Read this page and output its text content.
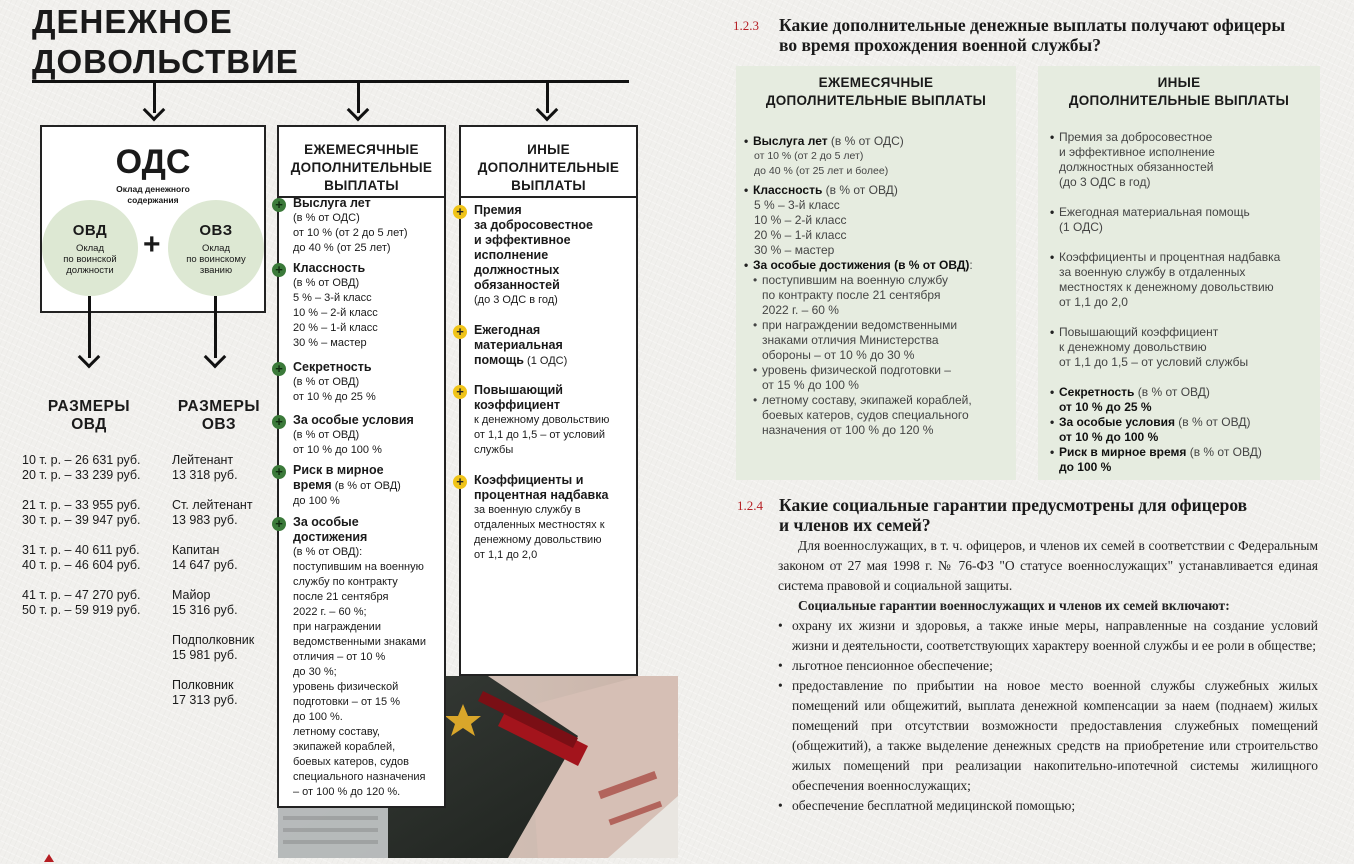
ДЕНЕЖНОЕ
ДОВОЛЬСТВИЕ
ОДС
Оклад денежного
содержания
ОВД
Оклад
по воинской
должности
+	ОВЗ
Оклад
по воинскому
званию
РАЗМЕРЫ
ОВД
10 т. р. – 26 631 руб.
20 т. р. – 33 239 руб.
21 т. р. – 33 955 руб.
30 т. р. – 39 947 руб.
31 т. р. – 40 611 руб.
40 т. р. – 46 604 руб.
41 т. р. – 47 270 руб.
50 т. р. – 59 919 руб.
РАЗМЕРЫ
ОВЗ
Лейтенант
13 318 руб.
Ст. лейтенант
13 983 руб.
Капитан
14 647 руб.
Майор
15 316 руб.
Подполковник
15 981 руб.
Полковник
17 313 руб.
ЕЖЕМЕСЯЧНЫЕ
ДОПОЛНИТЕЛЬНЫЕ
ВЫПЛАТЫ
+ Выслуга лет
(в % от ОДС)
от 10 % (от 2 до 5 лет)
до 40 % (от 25 лет)
+ Классность
(в % от ОВД)
5 % – 3-й класс
10 % – 2-й класс
20 % – 1-й класс
30 % – мастер
+ Секретность
(в % от ОВД)
от 10 % до 25 %
+ За особые условия
(в % от ОВД)
от 10 % до 100 %
+ Риск в мирное
время (в % от ОВД)
до 100 %
+ За особые
достижения
(в % от ОВД):
поступившим на военную
службу по контракту
после 21 сентября
2022 г. – 60 %;
при награждении
ведомственными знаками
отличия – от 10 %
до 30 %;
уровень физической
подготовки – от 15 %
до 100 %.
летному составу,
экипажей кораблей,
боевых катеров, судов
специального назначения
– от 100 % до 120 %.
ИНЫЕ
ДОПОЛНИТЕЛЬНЫЕ
ВЫПЛАТЫ
+ Премия
за добросовестное
и эффективное
исполнение
должностных
обязанностей
(до 3 ОДС в год)
+ Ежегодная
материальная
помощь (1 ОДС)
+ Повышающий
коэффициент
к денежному довольствию
от 1,1 до 1,5 – от условий
службы
+ Коэффициенты и
процентная надбавка
за военную службу в
отдаленных местностях к
денежному довольствию
от 1,1 до 2,0
1.2.3 Какие дополнительные денежные выплаты получают офицеры
во время прохождения военной службы?
ЕЖЕМЕСЯЧНЫЕ
ДОПОЛНИТЕЛЬНЫЕ ВЫПЛАТЫ
• Выслуга лет (в % от ОДС)
от 10 % (от 2 до 5 лет)
до 40 % (от 25 лет и более)
• Классность (в % от ОВД)
5 % – 3-й класс
10 % – 2-й класс
20 % – 1-й класс
30 % – мастер
• За особые достижения (в % от ОВД):
• поступившим на военную службу
по контракту после 21 сентября
2022 г. – 60 %
• при награждении ведомственными
знаками отличия Министерства
обороны – от 10 % до 30 %
• уровень физической подготовки –
от 15 % до 100 %
• летному составу, экипажей кораблей,
боевых катеров, судов специального
назначения от 100 % до 120 %
ИНЫЕ
ДОПОЛНИТЕЛЬНЫЕ ВЫПЛАТЫ
• Премия за добросовестное
и эффективное исполнение
должностных обязанностей
(до 3 ОДС в год)
• Ежегодная материальная помощь
(1 ОДС)
• Коэффициенты и процентная надбавка
за военную службу в отдаленных
местностях к денежному довольствию
от 1,1 до 2,0
• Повышающий коэффициент
к денежному довольствию
от 1,1 до 1,5 – от условий службы
• Секретность (в % от ОВД)
от 10 % до 25 %
• За особые условия (в % от ОВД)
от 10 % до 100 %
• Риск в мирное время (в % от ОВД)
до 100 %
1.2.4 Какие социальные гарантии предусмотрены для офицеров
и членов их семей?

Для военнослужащих, в т. ч. офицеров, и членов их семей в соответствии с Федеральным законом от 27 мая 1998 г. № 76-ФЗ "О статусе военнослужащих" устанавливается единая система правовой и социальной защиты.

Социальные гарантии военнослужащих и членов их семей включают:

• охрану их жизни и здоровья, а также иные меры, направленные на создание условий жизни и деятельности, соответствующих характеру военной службы и ее роли в обществе;
• льготное пенсионное обеспечение;
• предоставление по прибытии на новое место военной службы служебных жилых помещений или общежитий, выплата денежной компенсации за наем (поднаем) жилых помещений при отсутствии возможности предоставления служебных помещений (общежитий), а также выделение денежных средств на приобретение или строительство жилых помещений при реализации накопительно-ипотечной системы жилищного обеспечения военнослужащих;
• обеспечение бесплатной медицинской помощью;
